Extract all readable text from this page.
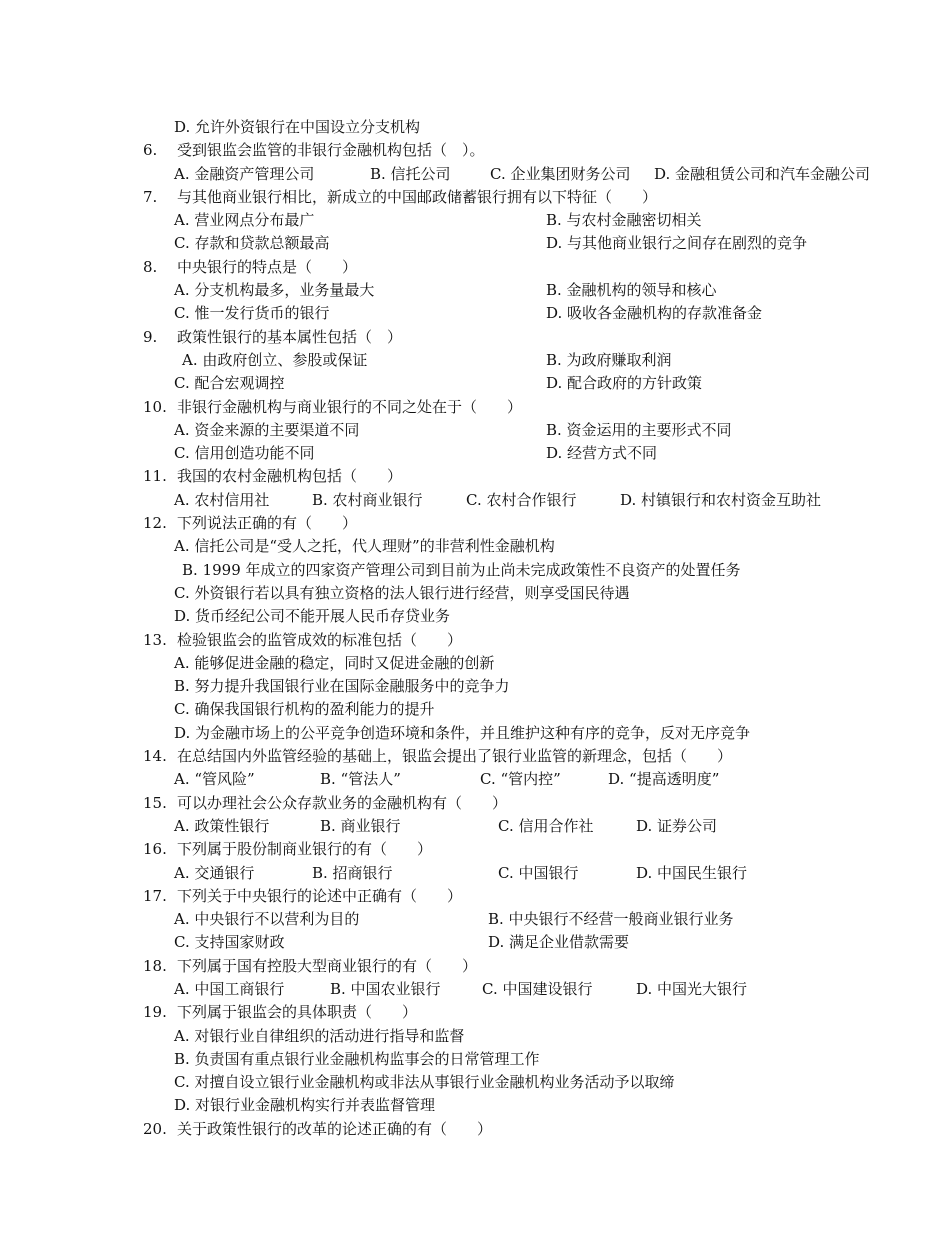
D. 允许外资银行在中国设立分支机构
6. 受到银监会监管的非银行金融机构包括（　）。
A. 金融资产管理公司	B. 信托公司	C. 企业集团财务公司 D. 金融租赁公司和汽车金融公司
7. 与其他商业银行相比，新成立的中国邮政储蓄银行拥有以下特征（　　）
A. 营业网点分布最广	B. 与农村金融密切相关
C. 存款和贷款总额最高	D. 与其他商业银行之间存在剧烈的竞争
8. 中央银行的特点是（　　）
A. 分支机构最多，业务量最大	B. 金融机构的领导和核心
C. 惟一发行货币的银行	D. 吸收各金融机构的存款准备金
9. 政策性银行的基本属性包括（　）
A. 由政府创立、参股或保证	B. 为政府赚取利润
C. 配合宏观调控	D. 配合政府的方针政策
10. 非银行金融机构与商业银行的不同之处在于（　　）
A. 资金来源的主要渠道不同	B. 资金运用的主要形式不同
C. 信用创造功能不同	D. 经营方式不同
11. 我国的农村金融机构包括（　　）
A. 农村信用社	B. 农村商业银行	C. 农村合作银行	D. 村镇银行和农村资金互助社
12. 下列说法正确的有（　　）
A. 信托公司是“受人之托，代人理财”的非营利性金融机构
B. 1999 年成立的四家资产管理公司到目前为止尚未完成政策性不良资产的处置任务
C. 外资银行若以具有独立资格的法人银行进行经营，则享受国民待遇
D. 货币经纪公司不能开展人民币存贷业务
13. 检验银监会的监管成效的标准包括（　　）
A. 能够促进金融的稳定，同时又促进金融的创新
B. 努力提升我国银行业在国际金融服务中的竞争力
C. 确保我国银行机构的盈利能力的提升
D. 为金融市场上的公平竞争创造环境和条件，并且维护这种有序的竞争，反对无序竞争
14. 在总结国内外监管经验的基础上，银监会提出了银行业监管的新理念，包括（　　）
A. “管风险”	B. “管法人”	C. “管内控”	D. “提高透明度”
15. 可以办理社会公众存款业务的金融机构有（　　）
A. 政策性银行	B. 商业银行	C. 信用合作社	D. 证券公司
16. 下列属于股份制商业银行的有（　　）
A. 交通银行	B. 招商银行	C. 中国银行	D. 中国民生银行
17. 下列关于中央银行的论述中正确有（　　）
A. 中央银行不以营利为目的	B. 中央银行不经营一般商业银行业务
C. 支持国家财政	D. 满足企业借款需要
18. 下列属于国有控股大型商业银行的有（　　）
A. 中国工商银行	B. 中国农业银行	C. 中国建设银行	D. 中国光大银行
19. 下列属于银监会的具体职责（　　）
A. 对银行业自律组织的活动进行指导和监督
B. 负责国有重点银行业金融机构监事会的日常管理工作
C. 对擅自设立银行业金融机构或非法从事银行业金融机构业务活动予以取缔
D. 对银行业金融机构实行并表监督管理
20. 关于政策性银行的改革的论述正确的有（　　）
